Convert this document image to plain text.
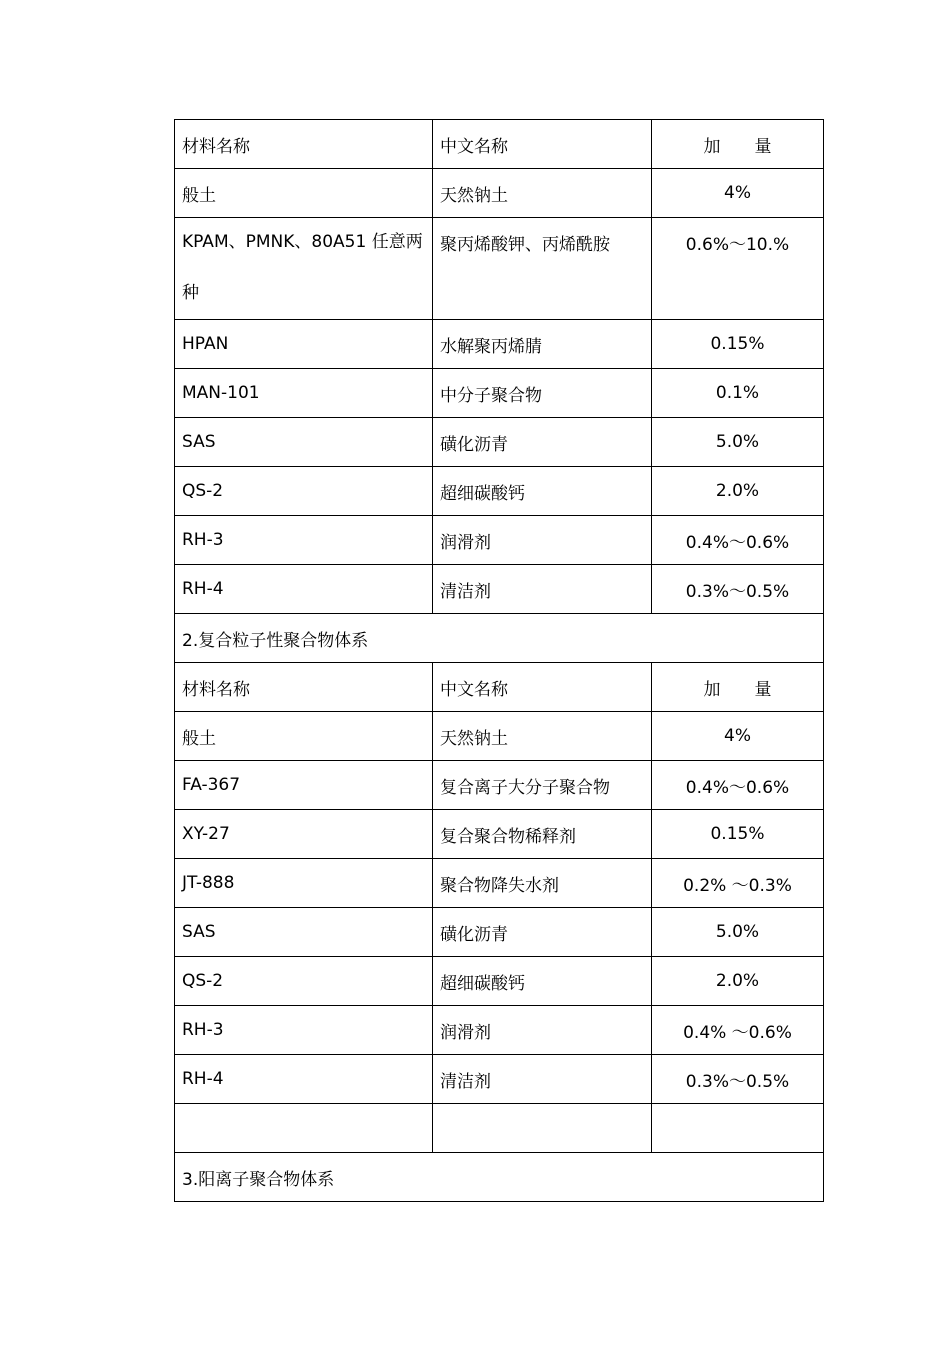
材料名称	中文名称	加　　量
般土	天然钠土	4%

KPAM、PMNK、80A51 任意两种	聚丙烯酸钾、丙烯酰胺	0.6%～10.%
HPAN	水解聚丙烯腈	0.15%
MAN-101	中分子聚合物	0.1%
SAS	磺化沥青	5.0%
QS-2	超细碳酸钙	2.0%
RH-3	润滑剂	0.4%～0.6%
RH-4	清洁剂	0.3%～0.5%
2.复合粒子性聚合物体系		
材料名称	中文名称	加　　量
般土	天然钠土	4%
FA-367	复合离子大分子聚合物	0.4%～0.6%
XY-27	复合聚合物稀释剂	0.15%
JT-888	聚合物降失水剂	0.2% ～0.3%
SAS	磺化沥青	5.0%
QS-2	超细碳酸钙	2.0%
RH-3	润滑剂	0.4% ～0.6%
RH-4	清洁剂	0.3%～0.5%

3.阳离子聚合物体系		
